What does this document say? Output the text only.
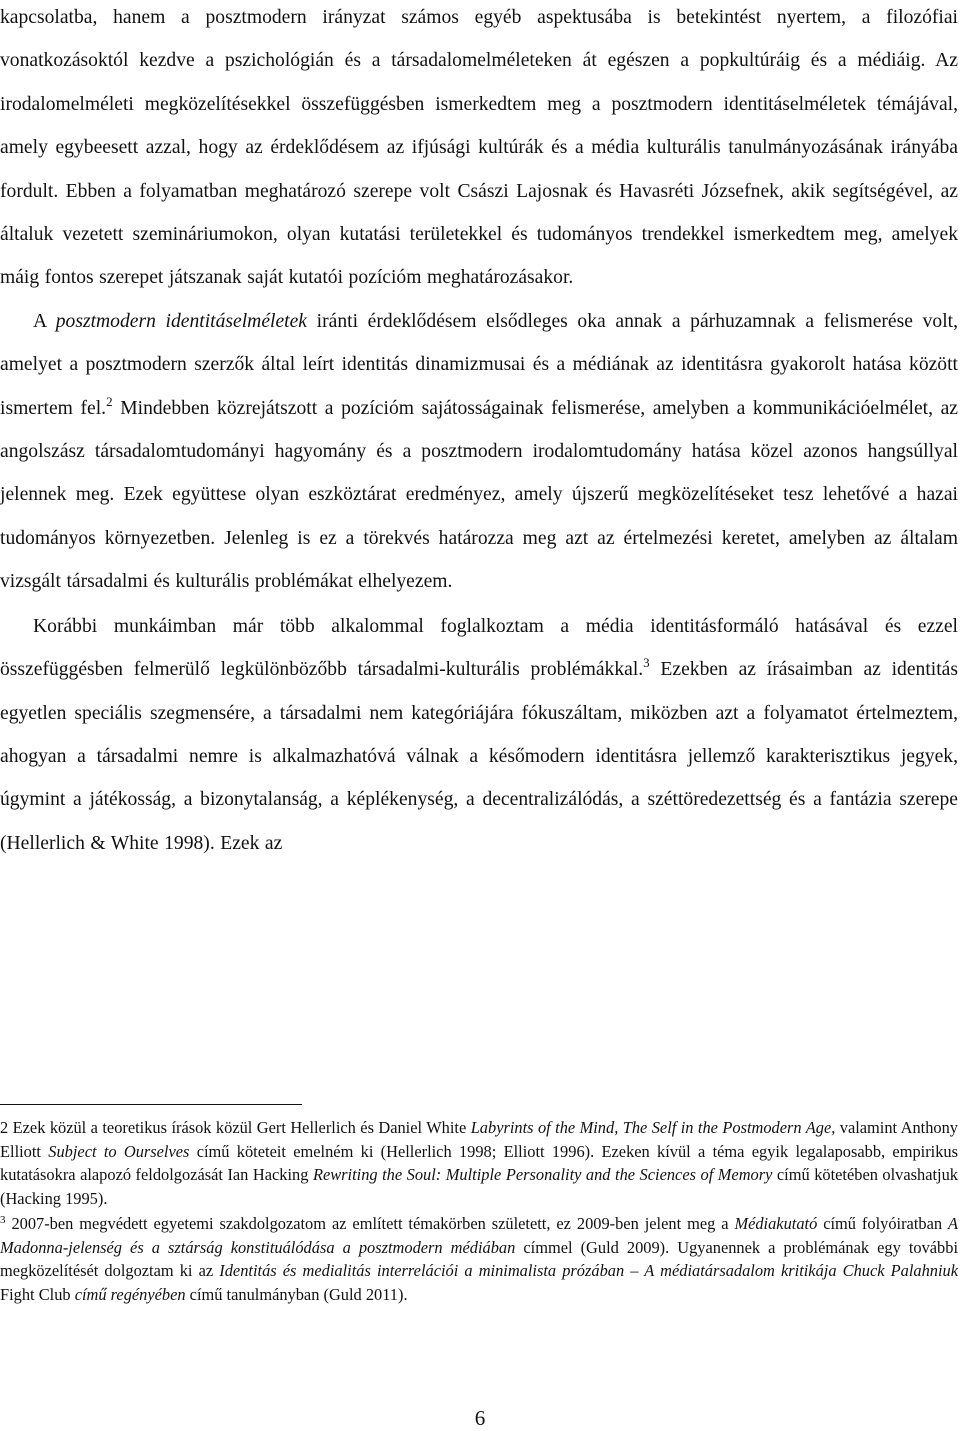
kapcsolatba, hanem a posztmodern irányzat számos egyéb aspektusába is betekintést nyertem, a filozófiai vonatkozásoktól kezdve a pszichológián és a társadalomelméleteken át egészen a popkultúráig és a médiáig. Az irodalomelméleti megközelítésekkel összefüggésben ismerkedtem meg a posztmodern identitáselméletek témájával, amely egybeesett azzal, hogy az érdeklődésem az ifjúsági kultúrák és a média kulturális tanulmányozásának irányába fordult. Ebben a folyamatban meghatározó szerepe volt Császi Lajosnak és Havasréti Józsefnek, akik segítségével, az általuk vezetett szemináriumokon, olyan kutatási területekkel és tudományos trendekkel ismerkedtem meg, amelyek máig fontos szerepet játszanak saját kutatói pozícióm meghatározásakor.

A posztmodern identitáselméletek iránti érdeklődésem elsődleges oka annak a párhuzamnak a felismerése volt, amelyet a posztmodern szerzők által leírt identitás dinamizmusai és a médiának az identitásra gyakorolt hatása között ismertem fel.$^2$ Mindebben közrejátszott a pozícióm sajátosságainak felismerése, amelyben a kommunikációelmélet, az angolszász társadalomtudományi hagyomány és a posztmodern irodalomtudomány hatása közel azonos hangsúllyal jelennek meg. Ezek együttese olyan eszköztárat eredményez, amely újszerű megközelítéseket tesz lehetővé a hazai tudományos környezetben. Jelenleg is ez a törekvés határozza meg azt az értelmezési keretet, amelyben az általam vizsgált társadalmi és kulturális problémákat elhelyezem.

Korábbi munkáimban már több alkalommal foglalkoztam a média identitásformáló hatásával és ezzel összefüggésben felmerülő legkülönbözőbb társadalmi-kulturális problémákkal.$^3$ Ezekben az írásaimban az identitás egyetlen speciális szegmensére, a társadalmi nem kategóriájára fókuszáltam, miközben azt a folyamatot értelmeztem, ahogyan a társadalmi nemre is alkalmazhatóvá válnak a későmodern identitásra jellemző karakterisztikus jegyek, úgymint a játékosság, a bizonytalanság, a képlékenység, a decentralizálódás, a széttöredezettség és a fantázia szerepe (Hellerlich & White 1998). Ezek az

2 Ezek közül a teoretikus írások közül Gert Hellerlich és Daniel White Labyrints of the Mind, The Self in the Postmodern Age, valamint Anthony Elliott Subject to Ourselves című köteteit emelném ki (Hellerlich 1998; Elliott 1996). Ezeken kívül a téma egyik legalaposabb, empirikus kutatásokra alapozó feldolgozását Ian Hacking Rewriting the Soul: Multiple Personality and the Sciences of Memory című kötetében olvashatjuk (Hacking 1995).

$^3$ 2007-ben megvédett egyetemi szakdolgozatom az említett témakörben született, ez 2009-ben jelent meg a Médiakutató című folyóiratban A Madonna-jelenség és a sztárság konstituálódása a posztmodern médiában címmel (Guld 2009). Ugyanennek a problémának egy további megközelítését dolgoztam ki az Identitás és medialitás interrelációi a minimalista prózában – A médiatársadalom kritikája Chuck Palahniuk Fight Club című regényében című tanulmányban (Guld 2011).

6
